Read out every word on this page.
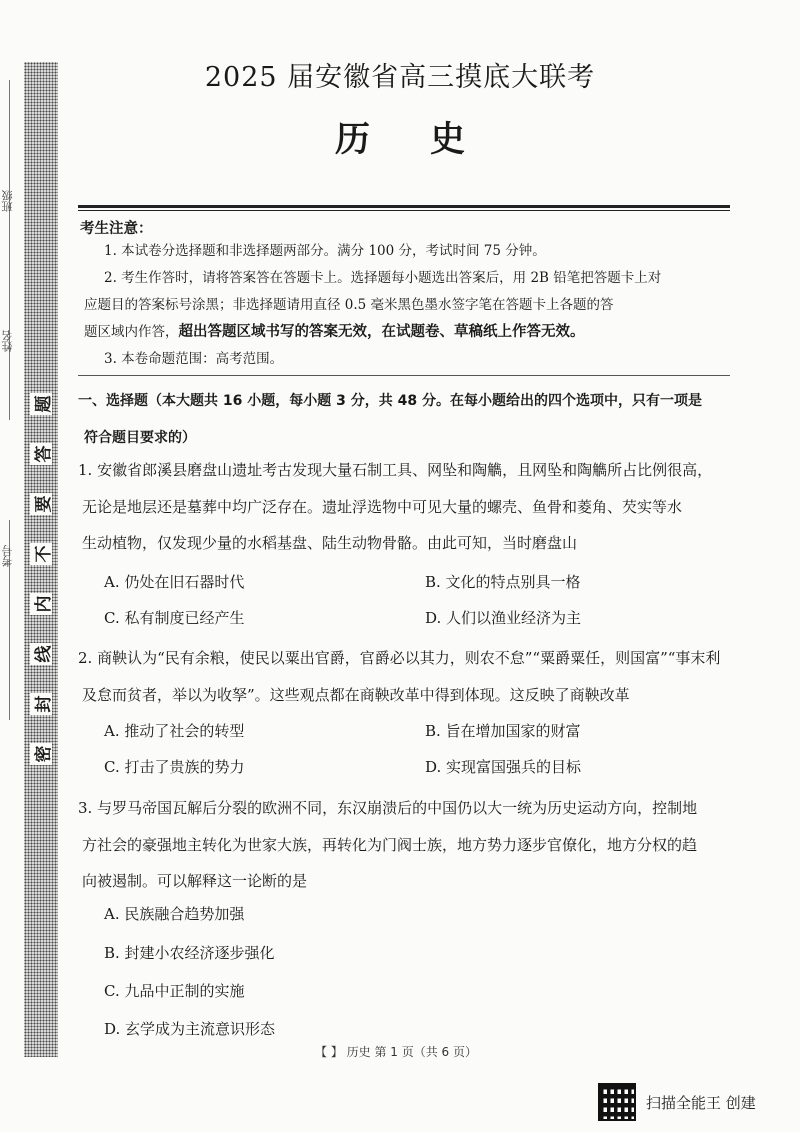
班级
姓名
考号
题
答
要
不
内
线
封
密
2025 届安徽省高三摸底大联考
历史
考生注意：
1. 本试卷分选择题和非选择题两部分。满分 100 分，考试时间 75 分钟。
2. 考生作答时，请将答案答在答题卡上。选择题每小题选出答案后，用 2B 铅笔把答题卡上对
应题目的答案标号涂黑；非选择题请用直径 0.5 毫米黑色墨水签字笔在答题卡上各题的答
题区域内作答，超出答题区域书写的答案无效，在试题卷、草稿纸上作答无效。
3. 本卷命题范围：高考范围。
一、选择题（本大题共 16 小题，每小题 3 分，共 48 分。在每小题给出的四个选项中，只有一项是
符合题目要求的）
1. 安徽省郎溪县磨盘山遗址考古发现大量石制工具、网坠和陶觹，且网坠和陶觹所占比例很高，
无论是地层还是墓葬中均广泛存在。遗址浮选物中可见大量的螺壳、鱼骨和菱角、芡实等水
生动植物，仅发现少量的水稻基盘、陆生动物骨骼。由此可知，当时磨盘山
A. 仍处在旧石器时代	B. 文化的特点别具一格
C. 私有制度已经产生	D. 人们以渔业经济为主
2. 商鞅认为“民有余粮，使民以粟出官爵，官爵必以其力，则农不怠”“粟爵粟任，则国富”“事末利
及怠而贫者，举以为收孥”。这些观点都在商鞅改革中得到体现。这反映了商鞅改革
A. 推动了社会的转型	B. 旨在增加国家的财富
C. 打击了贵族的势力	D. 实现富国强兵的目标
3. 与罗马帝国瓦解后分裂的欧洲不同，东汉崩溃后的中国仍以大一统为历史运动方向，控制地
方社会的豪强地主转化为世家大族，再转化为门阀士族，地方势力逐步官僚化，地方分权的趋
向被遏制。可以解释这一论断的是
A. 民族融合趋势加强
B. 封建小农经济逐步强化
C. 九品中正制的实施
D. 玄学成为主流意识形态
【 】 历史 第 1 页（共 6 页）
扫描全能王 创建
